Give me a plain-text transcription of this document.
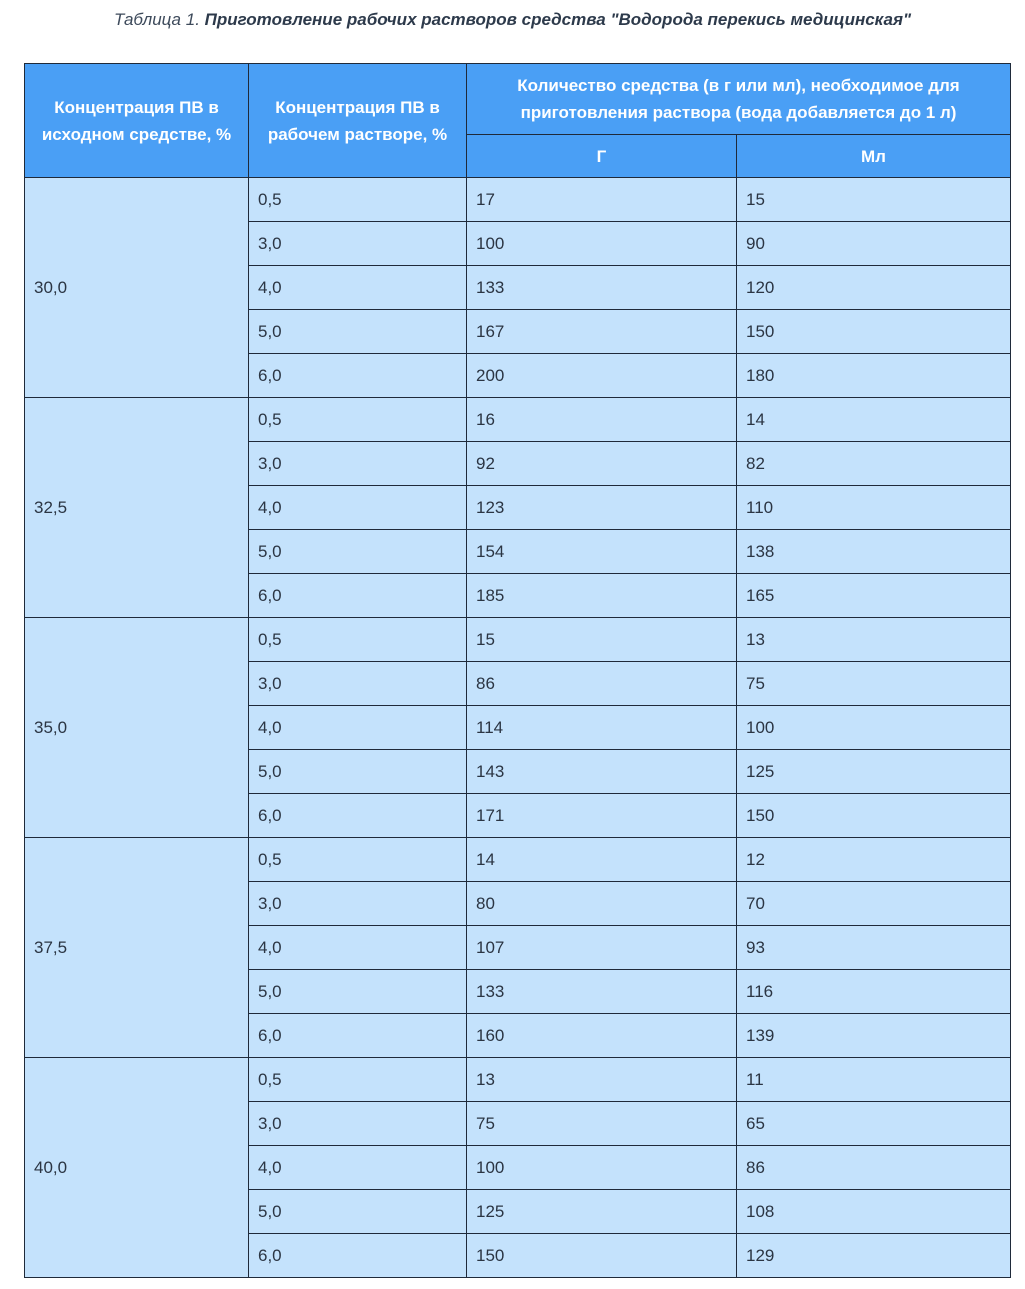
Таблица 1. Приготовление рабочих растворов средства "Водорода перекись медицинская"
Концентрация ПВ в исходном средстве, %	Концентрация ПВ в рабочем растворе, %	Количество средства (в г или мл), необходимое для приготовления раствора (вода добавляется до 1 л)	
		Г	Мл
30,0	0,5	17	15
	3,0	100	90
	4,0	133	120
	5,0	167	150
	6,0	200	180
32,5	0,5	16	14
	3,0	92	82
	4,0	123	110
	5,0	154	138
	6,0	185	165
35,0	0,5	15	13
	3,0	86	75
	4,0	114	100
	5,0	143	125
	6,0	171	150
37,5	0,5	14	12
	3,0	80	70
	4,0	107	93
	5,0	133	116
	6,0	160	139
40,0	0,5	13	11
	3,0	75	65
	4,0	100	86
	5,0	125	108
	6,0	150	129
